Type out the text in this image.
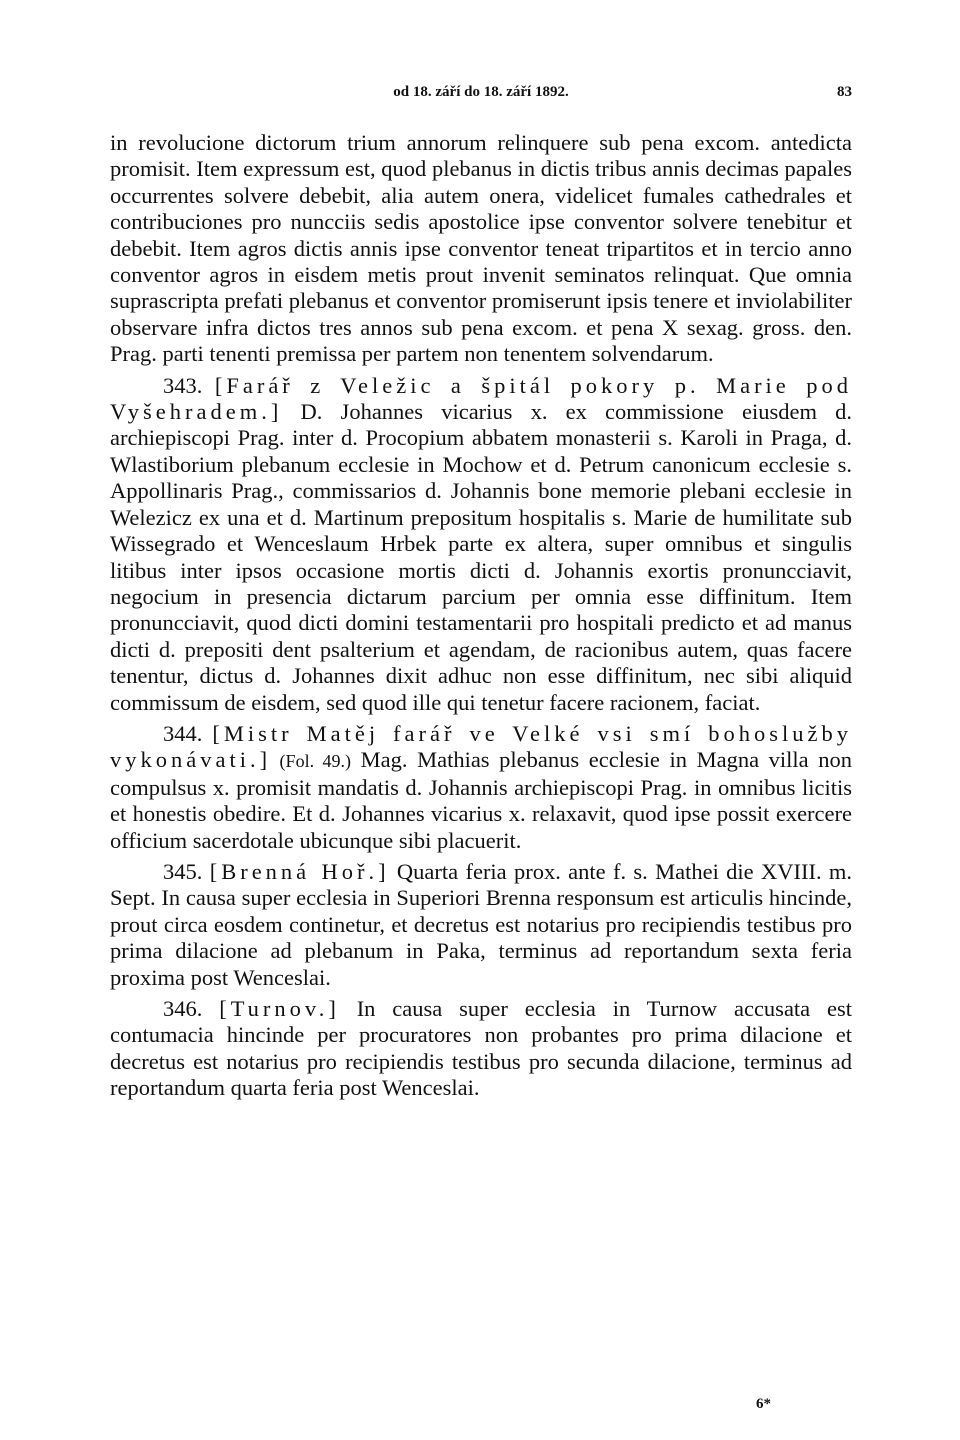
od 18. září do 18. září 1892.	83

in revolucione dictorum trium annorum relinquere sub pena excom. antedicta promisit. Item expressum est, quod plebanus in dictis tribus annis decimas papales occurrentes solvere debebit, alia autem onera, videlicet fumales cathedrales et contribuciones pro nuncciis sedis apostolice ipse conventor solvere tenebitur et debebit. Item agros dictis annis ipse conventor teneat tripartitos et in tercio anno conventor agros in eisdem metis prout invenit seminatos relinquat. Que omnia suprascripta prefati plebanus et conventor promiserunt ipsis tenere et inviolabiliter observare infra dictos tres annos sub pena excom. et pena X sexag. gross. den. Prag. parti tenenti premissa per partem non tenentem solvendarum.

343. [Farář z Veležic a špitál pokory p. Marie pod Vyšehradem.] D. Johannes vicarius x. ex commissione eiusdem d. archiepiscopi Prag. inter d. Procopium abbatem monasterii s. Karoli in Praga, d. Wlastiborium plebanum ecclesie in Mochow et d. Petrum canonicum ecclesie s. Appollinaris Prag., commissarios d. Johannis bone memorie plebani ecclesie in Welezicz ex una et d. Martinum prepositum hospitalis s. Marie de humilitate sub Wissegrado et Wenceslaum Hrbek parte ex altera, super omnibus et singulis litibus inter ipsos occasione mortis dicti d. Johannis exortis pronuncciavit, negocium in presencia dictarum parcium per omnia esse diffinitum. Item pronuncciavit, quod dicti domini testamentarii pro hospitali predicto et ad manus dicti d. prepositi dent psalterium et agendam, de racionibus autem, quas facere tenentur, dictus d. Johannes dixit adhuc non esse diffinitum, nec sibi aliquid commissum de eisdem, sed quod ille qui tenetur facere racionem, faciat.

344. [Mistr Matěj farář ve Velké vsi smí bohoslužby vykonávati.] (Fol. 49.) Mag. Mathias plebanus ecclesie in Magna villa non compulsus x. promisit mandatis d. Johannis archiepiscopi Prag. in omnibus licitis et honestis obedire. Et d. Johannes vicarius x. relaxavit, quod ipse possit exercere officium sacerdotale ubicunque sibi placuerit.

345. [Brenná Hoř.] Quarta feria prox. ante f. s. Mathei die XVIII. m. Sept. In causa super ecclesia in Superiori Brenna responsum est articulis hincinde, prout circa eosdem continetur, et decretus est notarius pro recipiendis testibus pro prima dilacione ad plebanum in Paka, terminus ad reportandum sexta feria proxima post Wenceslai.

346. [Turnov.] In causa super ecclesia in Turnow accusata est contumacia hincinde per procuratores non probantes pro prima dilacione et decretus est notarius pro recipiendis testibus pro secunda dilacione, terminus ad reportandum quarta feria post Wenceslai.

6*
